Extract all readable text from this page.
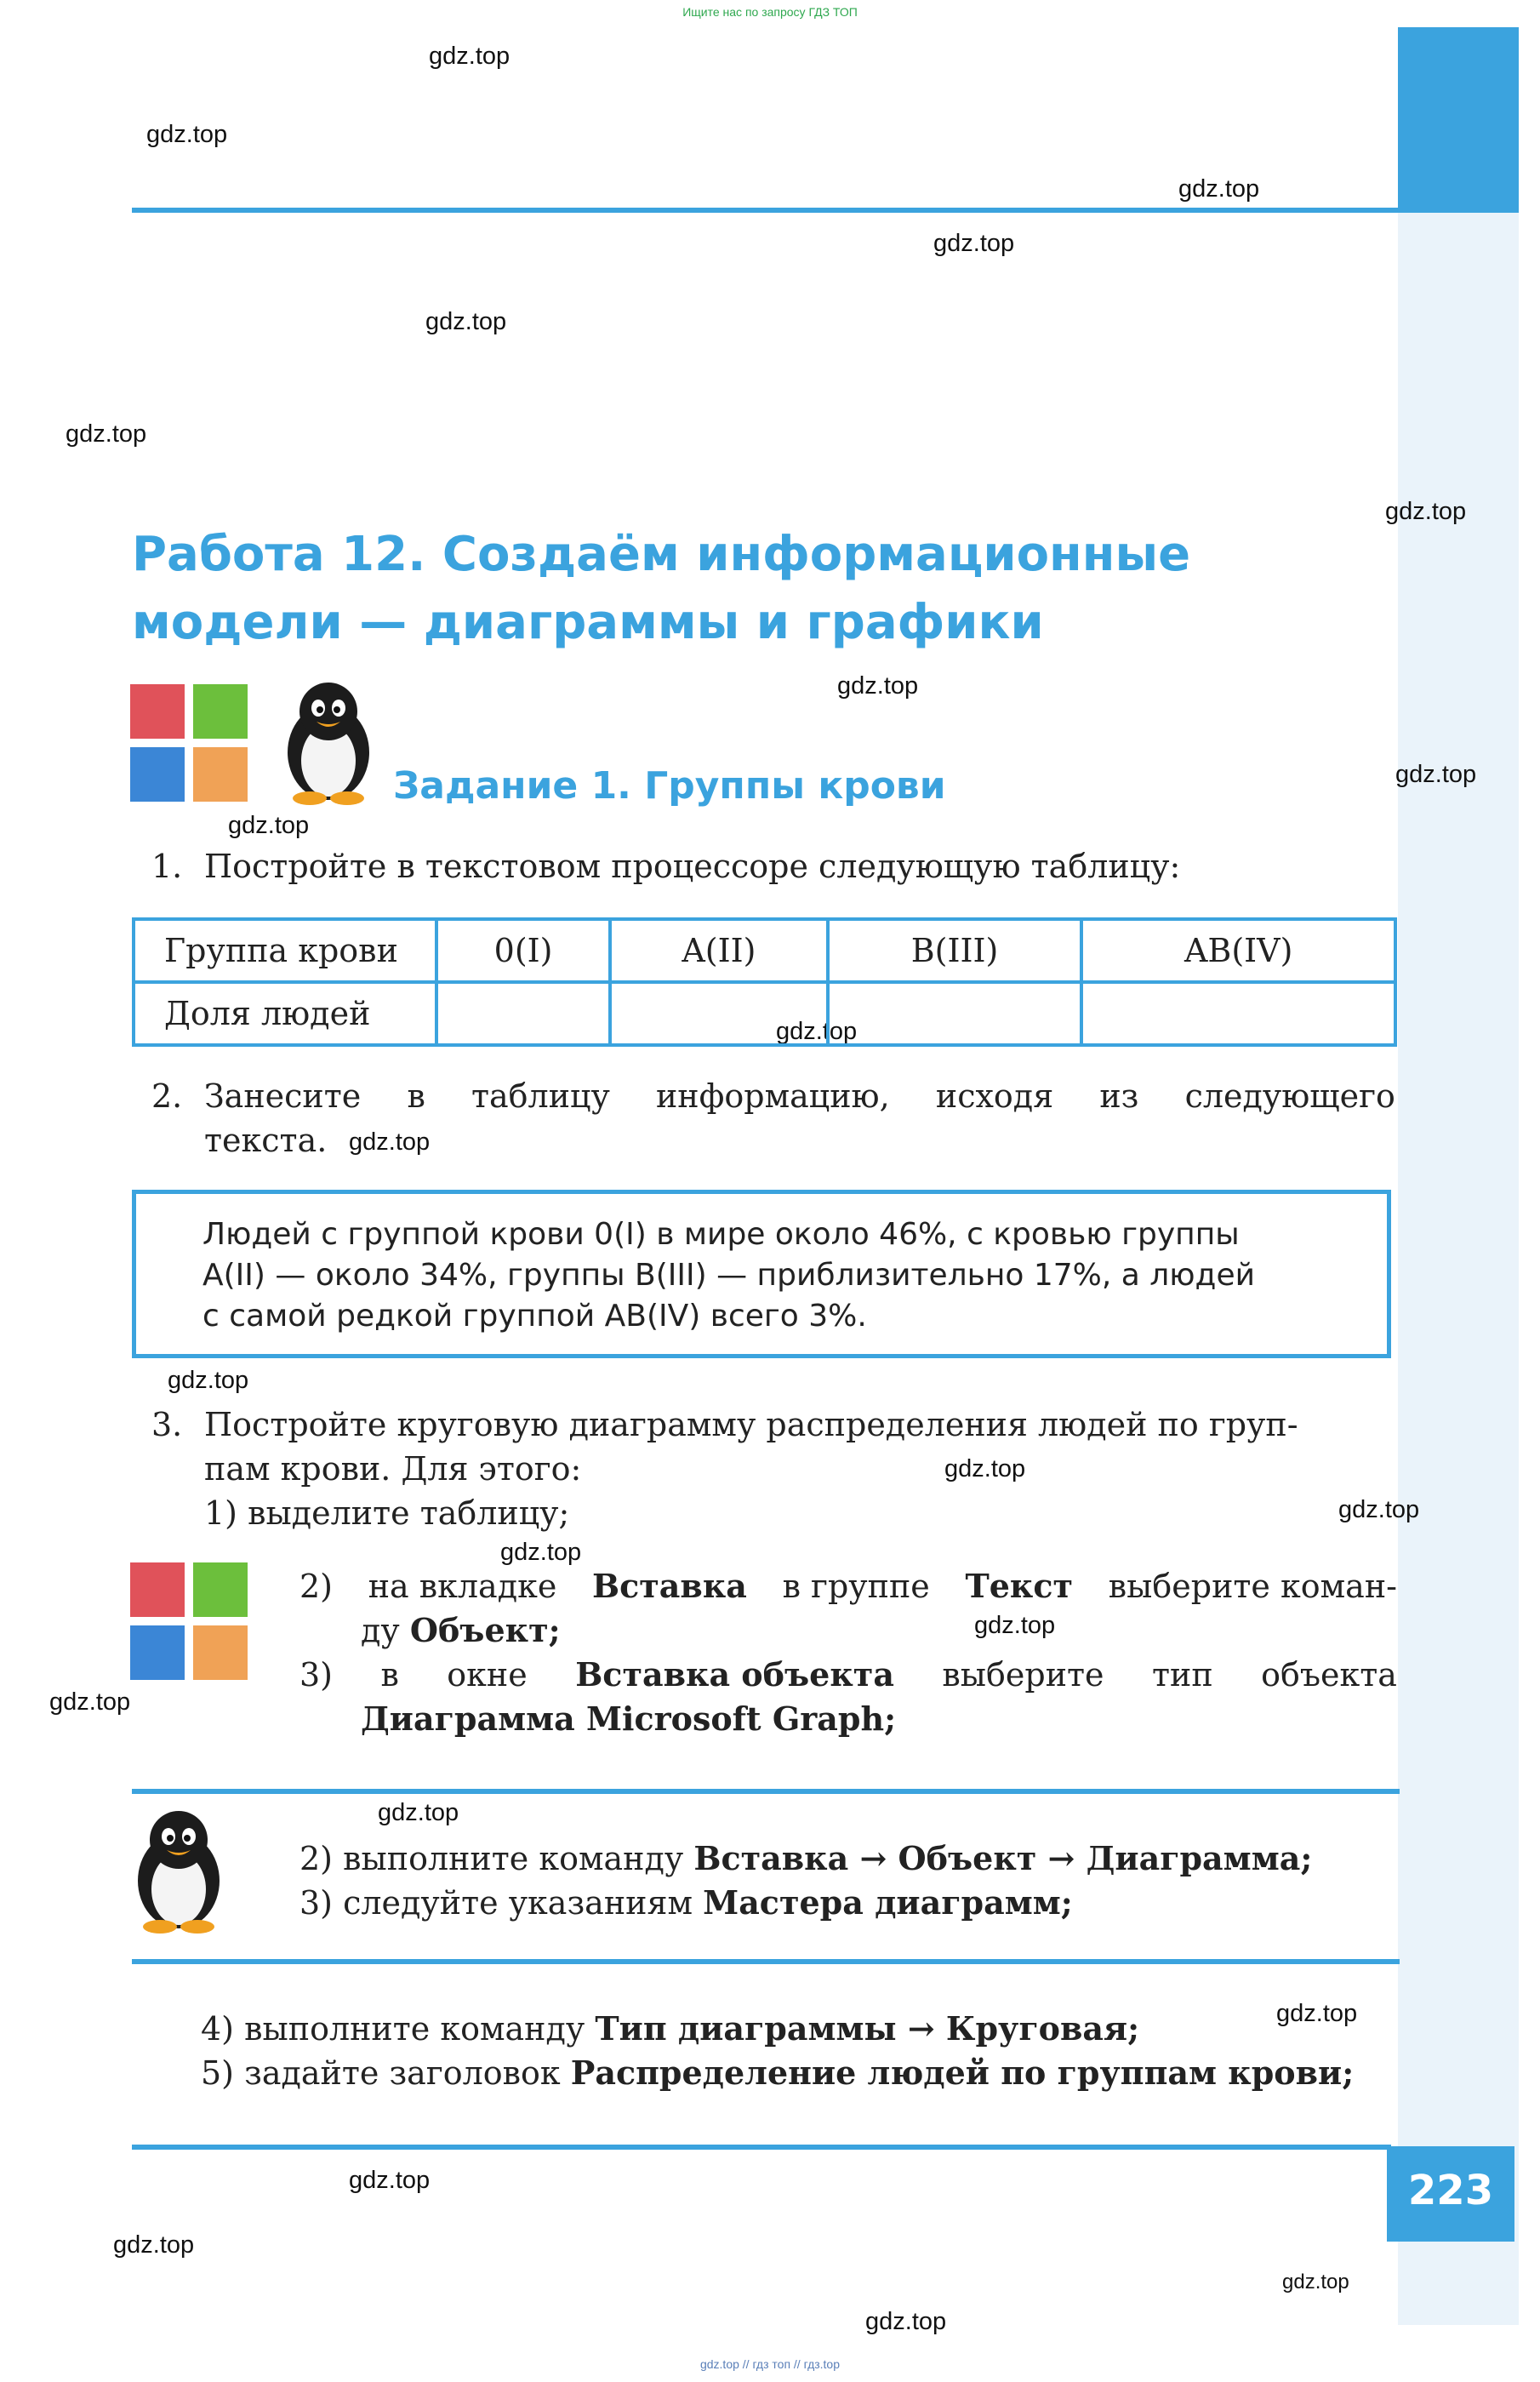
Ищите нас по запросу ГДЗ ТОП
gdz.top // гдз топ // гдз.top
gdz.top
gdz.top
gdz.top
gdz.top
gdz.top
gdz.top
gdz.top
gdz.top
gdz.top
gdz.top
gdz.top
gdz.top
gdz.top
gdz.top
gdz.top
gdz.top
gdz.top
gdz.top
gdz.top
gdz.top
gdz.top
gdz.top
gdz.top
gdz.top
Работа 12. Создаём информационные
модели — диаграммы и графики
Задание 1. Группы крови
1. Постройте в текстовом процессоре следующую таблицу:
Группа крови	0(I)	A(II)	B(III)	AB(IV)
Доля людей				
2. Занесите в таблицу информацию, исходя из следующего
текста.
Людей с группой крови 0(I) в мире около 46%, с кровью группы
A(II) — около 34%, группы B(III) — приблизительно 17%, а людей
с самой редкой группой AB(IV) всего 3%.
3. Постройте круговую диаграмму распределения людей по груп-
пам крови. Для этого:
1) выделите таблицу;
2) на вкладке Вставка в группе Текст выберите коман-
ду Объект;
3) в окне Вставка объекта выберите тип объекта
Диаграмма Microsoft Graph;
2) выполните команду Вставка → Объект → Диаграмма;
3) следуйте указаниям Мастера диаграмм;
4) выполните команду Тип диаграммы → Круговая;
5) задайте заголовок Распределение людей по группам крови;
223
